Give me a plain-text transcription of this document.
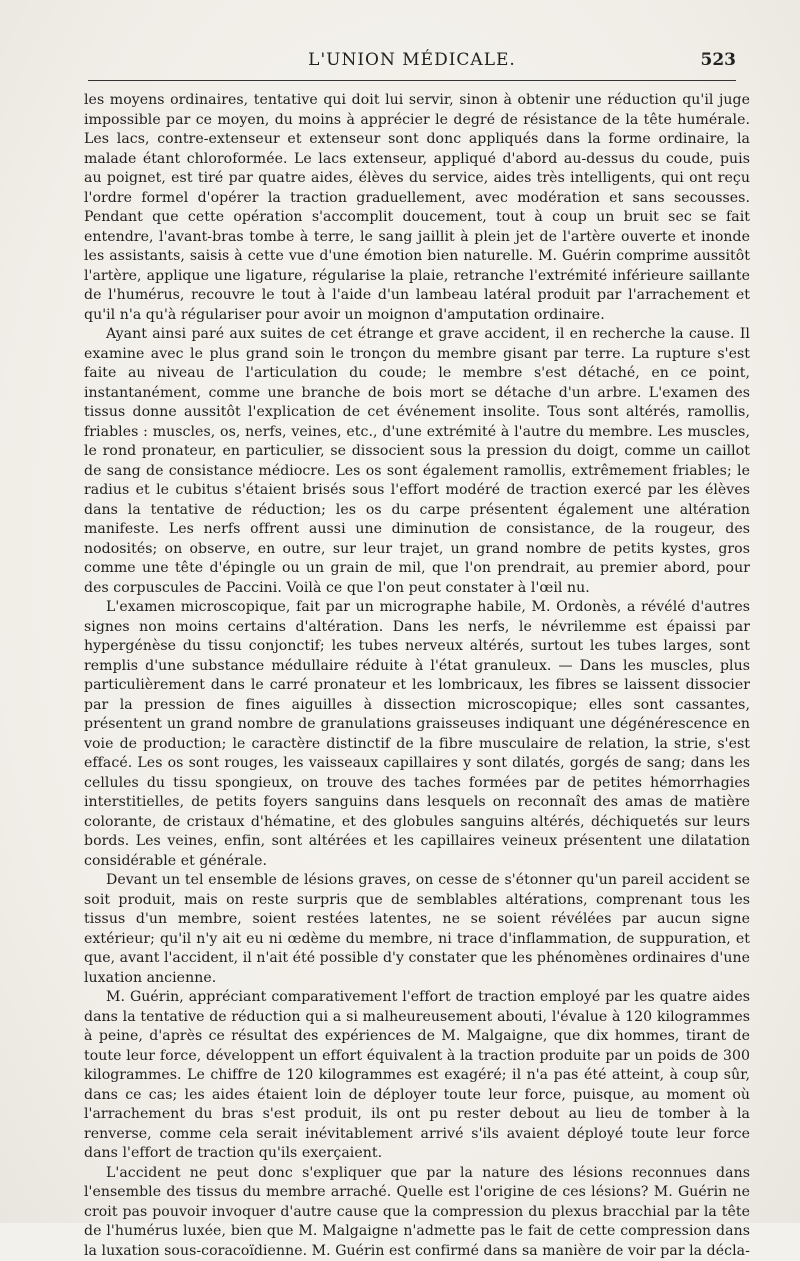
L'UNION MÉDICALE.	523

les moyens ordinaires, tentative qui doit lui servir, sinon à obtenir une réduction qu'il juge impossible par ce moyen, du moins à apprécier le degré de résistance de la tête humérale. Les lacs, contre-extenseur et extenseur sont donc appliqués dans la forme ordinaire, la malade étant chloroformée. Le lacs extenseur, appliqué d'abord au-dessus du coude, puis au poignet, est tiré par quatre aides, élèves du service, aides très intelligents, qui ont reçu l'ordre formel d'opérer la traction graduellement, avec modération et sans secousses. Pendant que cette opération s'accomplit doucement, tout à coup un bruit sec se fait entendre, l'avant-bras tombe à terre, le sang jaillit à plein jet de l'artère ouverte et inonde les assistants, saisis à cette vue d'une émotion bien naturelle. M. Guérin comprime aussitôt l'artère, applique une ligature, régularise la plaie, retranche l'extrémité inférieure saillante de l'humérus, recouvre le tout à l'aide d'un lambeau latéral produit par l'arrachement et qu'il n'a qu'à régulariser pour avoir un moignon d'amputation ordinaire.

Ayant ainsi paré aux suites de cet étrange et grave accident, il en recherche la cause. Il examine avec le plus grand soin le tronçon du membre gisant par terre. La rupture s'est faite au niveau de l'articulation du coude; le membre s'est détaché, en ce point, instantanément, comme une branche de bois mort se détache d'un arbre. L'examen des tissus donne aussitôt l'explication de cet événement insolite. Tous sont altérés, ramollis, friables : muscles, os, nerfs, veines, etc., d'une extrémité à l'autre du membre. Les muscles, le rond pronateur, en particulier, se dissocient sous la pression du doigt, comme un caillot de sang de consistance médiocre. Les os sont également ramollis, extrêmement friables; le radius et le cubitus s'étaient brisés sous l'effort modéré de traction exercé par les élèves dans la tentative de réduction; les os du carpe présentent également une altération manifeste. Les nerfs offrent aussi une diminution de consistance, de la rougeur, des nodosités; on observe, en outre, sur leur trajet, un grand nombre de petits kystes, gros comme une tête d'épingle ou un grain de mil, que l'on prendrait, au premier abord, pour des corpuscules de Paccini. Voilà ce que l'on peut constater à l'œil nu.

L'examen microscopique, fait par un micrographe habile, M. Ordonès, a révélé d'autres signes non moins certains d'altération. Dans les nerfs, le névrilemme est épaissi par hypergénèse du tissu conjonctif; les tubes nerveux altérés, surtout les tubes larges, sont remplis d'une substance médullaire réduite à l'état granuleux. — Dans les muscles, plus particulièrement dans le carré pronateur et les lombricaux, les fibres se laissent dissocier par la pression de fines aiguilles à dissection microscopique; elles sont cassantes, présentent un grand nombre de granulations graisseuses indiquant une dégénérescence en voie de production; le caractère distinctif de la fibre musculaire de relation, la strie, s'est effacé. Les os sont rouges, les vaisseaux capillaires y sont dilatés, gorgés de sang; dans les cellules du tissu spongieux, on trouve des taches formées par de petites hémorrhagies interstitielles, de petits foyers sanguins dans lesquels on reconnaît des amas de matière colorante, de cristaux d'hématine, et des globules sanguins altérés, déchiquetés sur leurs bords. Les veines, enfin, sont altérées et les capillaires veineux présentent une dilatation considérable et générale.

Devant un tel ensemble de lésions graves, on cesse de s'étonner qu'un pareil accident se soit produit, mais on reste surpris que de semblables altérations, comprenant tous les tissus d'un membre, soient restées latentes, ne se soient révélées par aucun signe extérieur; qu'il n'y ait eu ni œdème du membre, ni trace d'inflammation, de suppuration, et que, avant l'accident, il n'ait été possible d'y constater que les phénomènes ordinaires d'une luxation ancienne.

M. Guérin, appréciant comparativement l'effort de traction employé par les quatre aides dans la tentative de réduction qui a si malheureusement abouti, l'évalue à 120 kilogrammes à peine, d'après ce résultat des expériences de M. Malgaigne, que dix hommes, tirant de toute leur force, développent un effort équivalent à la traction produite par un poids de 300 kilogrammes. Le chiffre de 120 kilogrammes est exagéré; il n'a pas été atteint, à coup sûr, dans ce cas; les aides étaient loin de déployer toute leur force, puisque, au moment où l'arrachement du bras s'est produit, ils ont pu rester debout au lieu de tomber à la renverse, comme cela serait inévitablement arrivé s'ils avaient déployé toute leur force dans l'effort de traction qu'ils exerçaient.

L'accident ne peut donc s'expliquer que par la nature des lésions reconnues dans l'ensemble des tissus du membre arraché. Quelle est l'origine de ces lésions? M. Guérin ne croit pas pouvoir invoquer d'autre cause que la compression du plexus bracchial par la tête de l'humérus luxée, bien que M. Malgaigne n'admette pas le fait de cette compression dans la luxation sous-coracoïdienne. M. Guérin est confirmé dans sa manière de voir par la décla-
